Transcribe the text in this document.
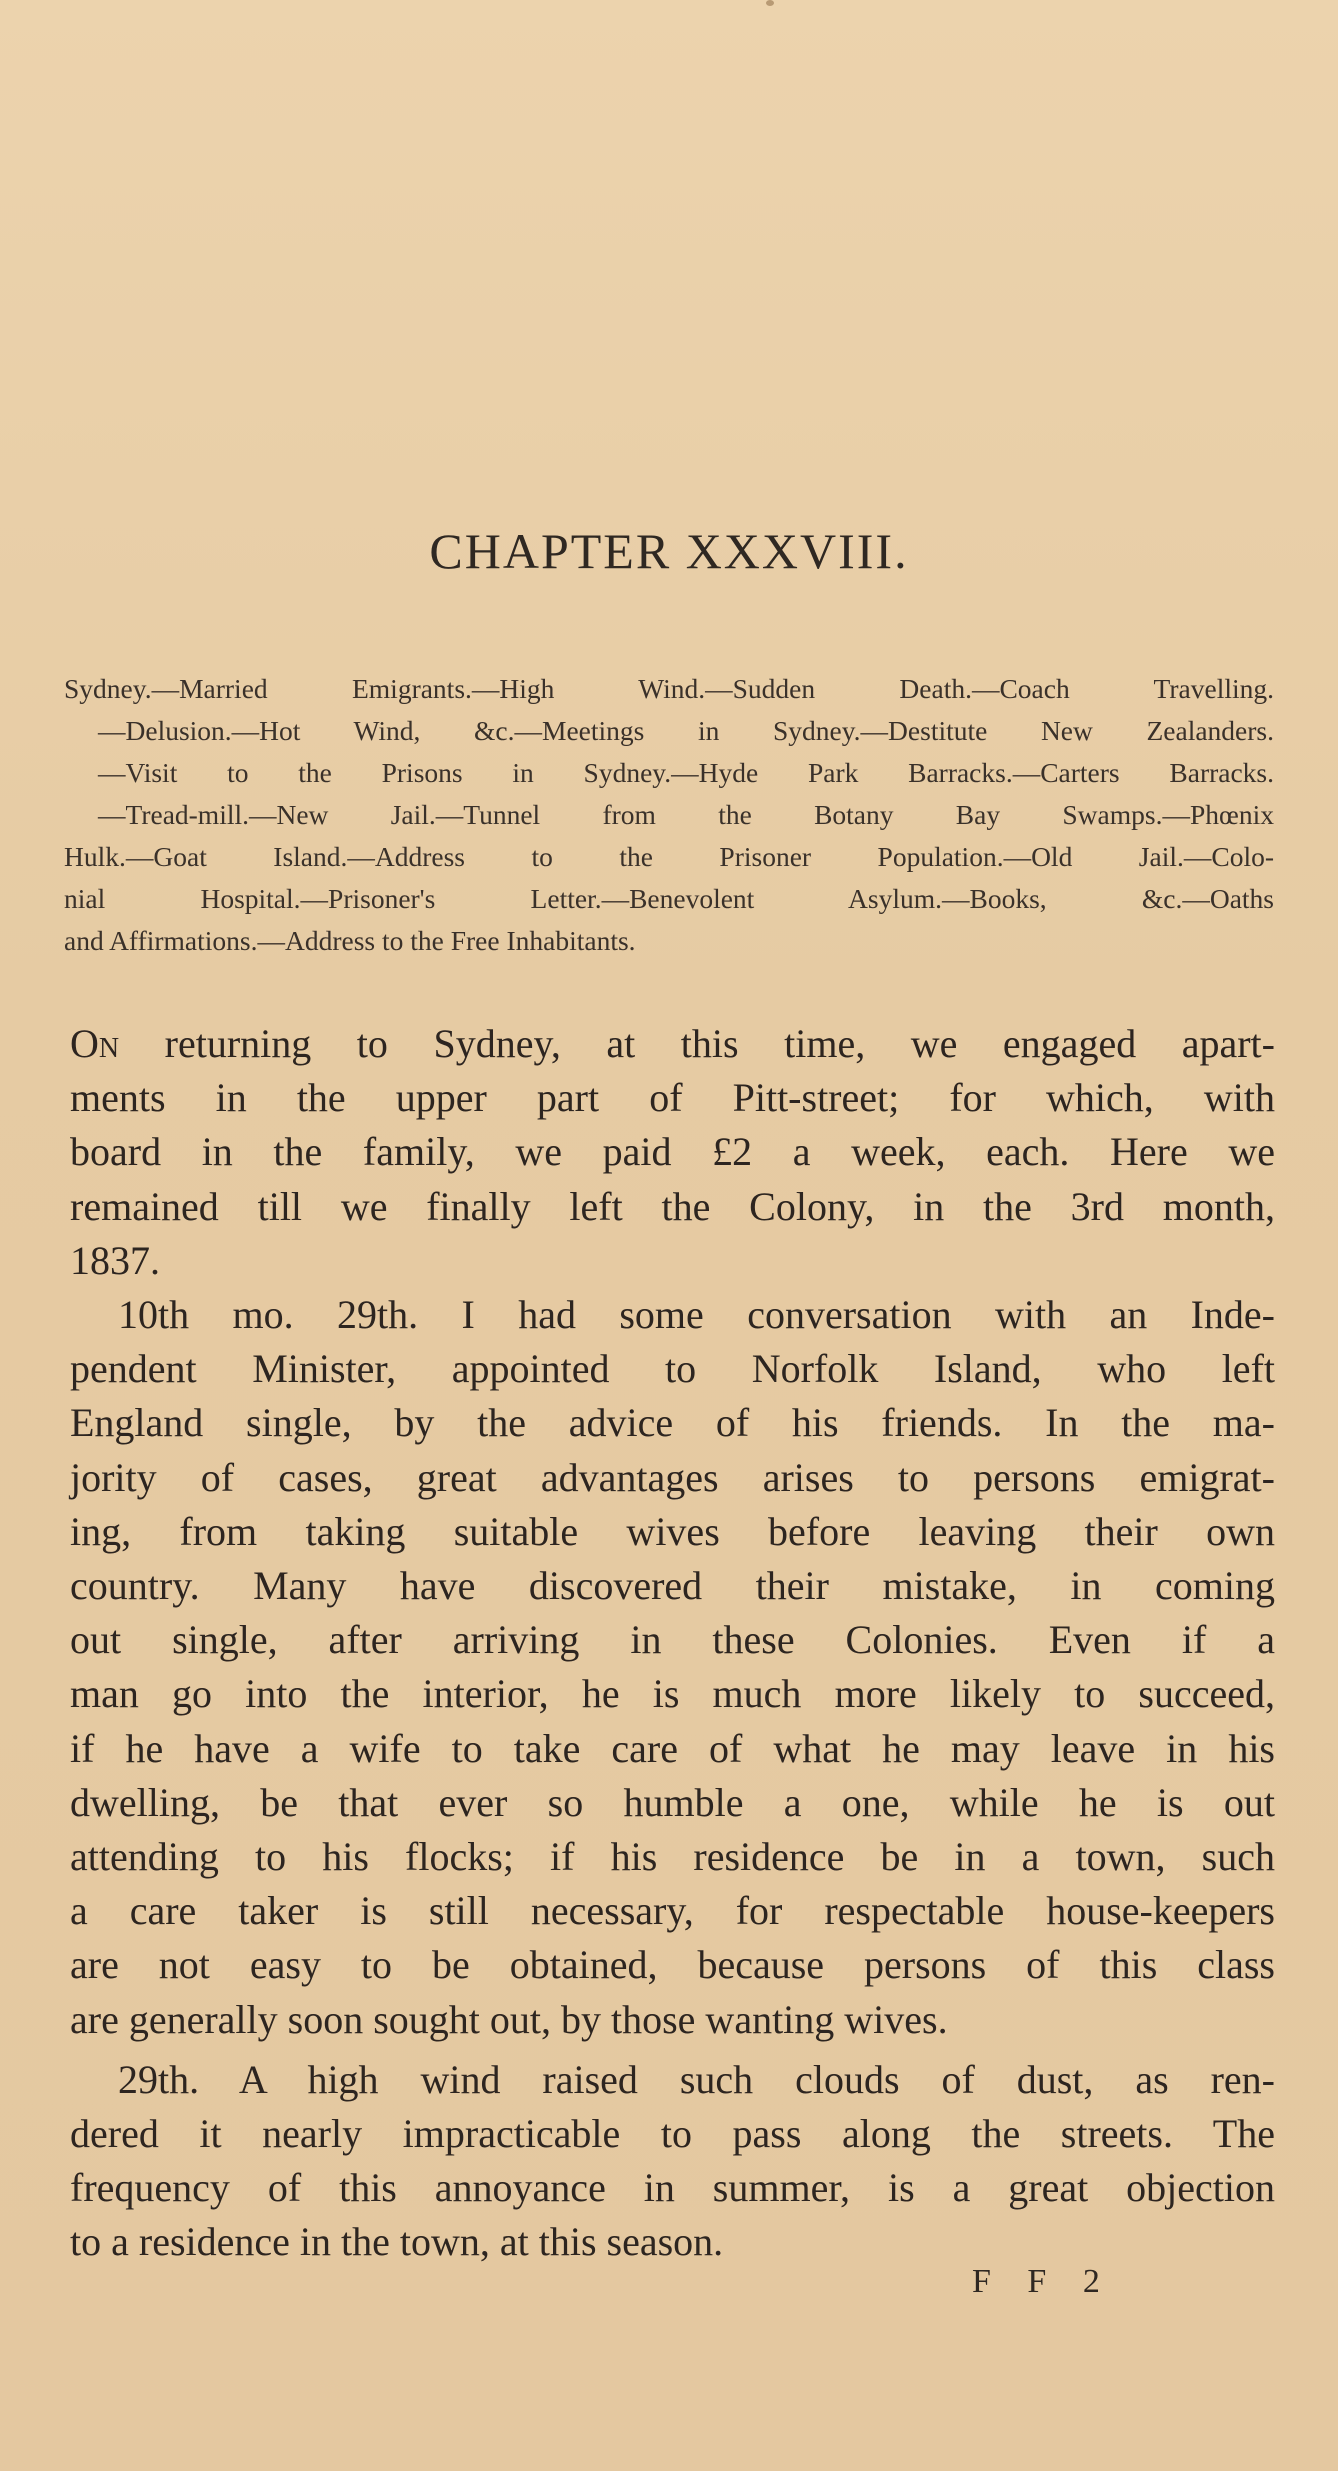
CHAPTER XXXVIII.
Sydney.—Married Emigrants.—High Wind.—Sudden Death.—Coach Travelling.
—Delusion.—Hot Wind, &c.—Meetings in Sydney.—Destitute New Zealanders.
—Visit to the Prisons in Sydney.—Hyde Park Barracks.—Carters Barracks.
—Tread-mill.—New Jail.—Tunnel from the Botany Bay Swamps.—Phœnix
Hulk.—Goat Island.—Address to the Prisoner Population.—Old Jail.—Colo-
nial Hospital.—Prisoner's Letter.—Benevolent Asylum.—Books, &c.—Oaths
and Affirmations.—Address to the Free Inhabitants.
On returning to Sydney, at this time, we engaged apart-
ments in the upper part of Pitt-street; for which, with
board in the family, we paid £2 a week, each. Here we
remained till we finally left the Colony, in the 3rd month,
1837.
10th mo. 29th. I had some conversation with an Inde-
pendent Minister, appointed to Norfolk Island, who left
England single, by the advice of his friends. In the ma-
jority of cases, great advantages arises to persons emigrat-
ing, from taking suitable wives before leaving their own
country. Many have discovered their mistake, in coming
out single, after arriving in these Colonies. Even if a
man go into the interior, he is much more likely to succeed,
if he have a wife to take care of what he may leave in his
dwelling, be that ever so humble a one, while he is out
attending to his flocks; if his residence be in a town, such
a care taker is still necessary, for respectable house-keepers
are not easy to be obtained, because persons of this class
are generally soon sought out, by those wanting wives.
29th. A high wind raised such clouds of dust, as ren-
dered it nearly impracticable to pass along the streets. The
frequency of this annoyance in summer, is a great objection
to a residence in the town, at this season.
F F 2
